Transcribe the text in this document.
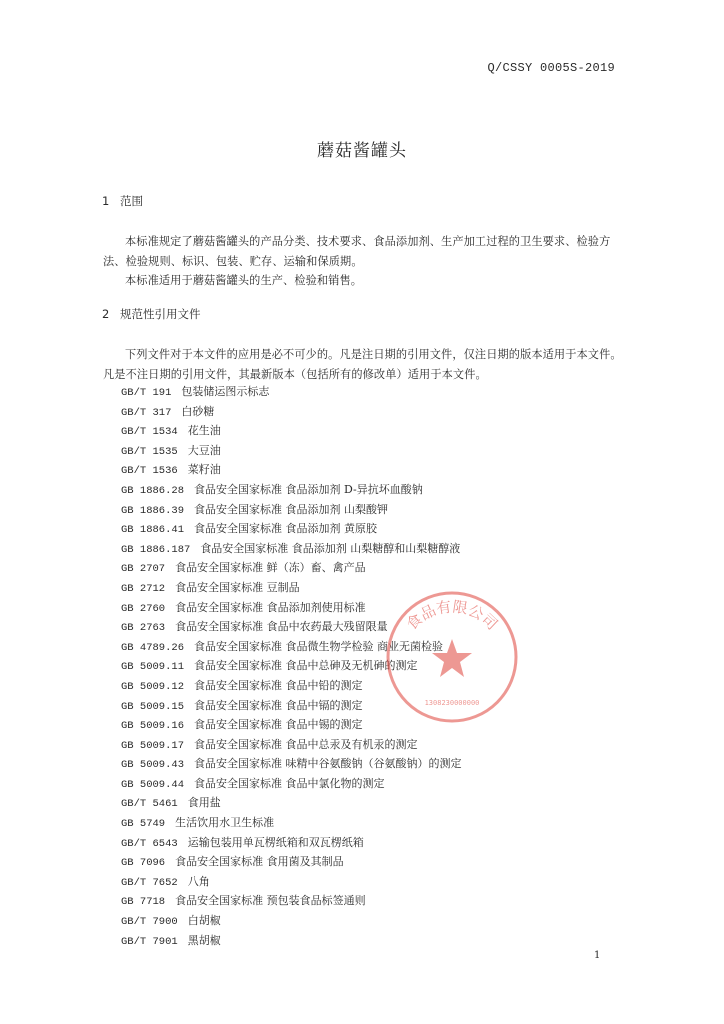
Q/CSSY 0005S-2019
蘑菇酱罐头
1 范围

本标准规定了蘑菇酱罐头的产品分类、技术要求、食品添加剂、生产加工过程的卫生要求、检验方法、检验规则、标识、包装、贮存、运输和保质期。

本标准适用于蘑菇酱罐头的生产、检验和销售。

2 规范性引用文件

下列文件对于本文件的应用是必不可少的。凡是注日期的引用文件，仅注日期的版本适用于本文件。凡是不注日期的引用文件，其最新版本（包括所有的修改单）适用于本文件。

GB/T 191 包装储运图示标志
GB/T 317 白砂糖
GB/T 1534 花生油
GB/T 1535 大豆油
GB/T 1536 菜籽油
GB 1886.28 食品安全国家标准 食品添加剂 D-异抗坏血酸钠
GB 1886.39 食品安全国家标准 食品添加剂 山梨酸钾
GB 1886.41 食品安全国家标准 食品添加剂 黄原胶
GB 1886.187 食品安全国家标准 食品添加剂 山梨糖醇和山梨糖醇液
GB 2707 食品安全国家标准 鲜（冻）畜、禽产品
GB 2712 食品安全国家标准 豆制品
GB 2760 食品安全国家标准 食品添加剂使用标准
GB 2763 食品安全国家标准 食品中农药最大残留限量
GB 4789.26 食品安全国家标准 食品微生物学检验 商业无菌检验
GB 5009.11 食品安全国家标准 食品中总砷及无机砷的测定
GB 5009.12 食品安全国家标准 食品中铅的测定
GB 5009.15 食品安全国家标准 食品中镉的测定
GB 5009.16 食品安全国家标准 食品中锡的测定
GB 5009.17 食品安全国家标准 食品中总汞及有机汞的测定
GB 5009.43 食品安全国家标准 味精中谷氨酸钠（谷氨酸钠）的测定
GB 5009.44 食品安全国家标准 食品中氯化物的测定
GB/T 5461 食用盐
GB 5749 生活饮用水卫生标准
GB/T 6543 运输包装用单瓦楞纸箱和双瓦楞纸箱
GB 7096 食品安全国家标准 食用菌及其制品
GB/T 7652 八角
GB 7718 食品安全国家标准 预包装食品标签通则
GB/T 7900 白胡椒
GB/T 7901 黑胡椒
食品有限公司
1308230000000
1
